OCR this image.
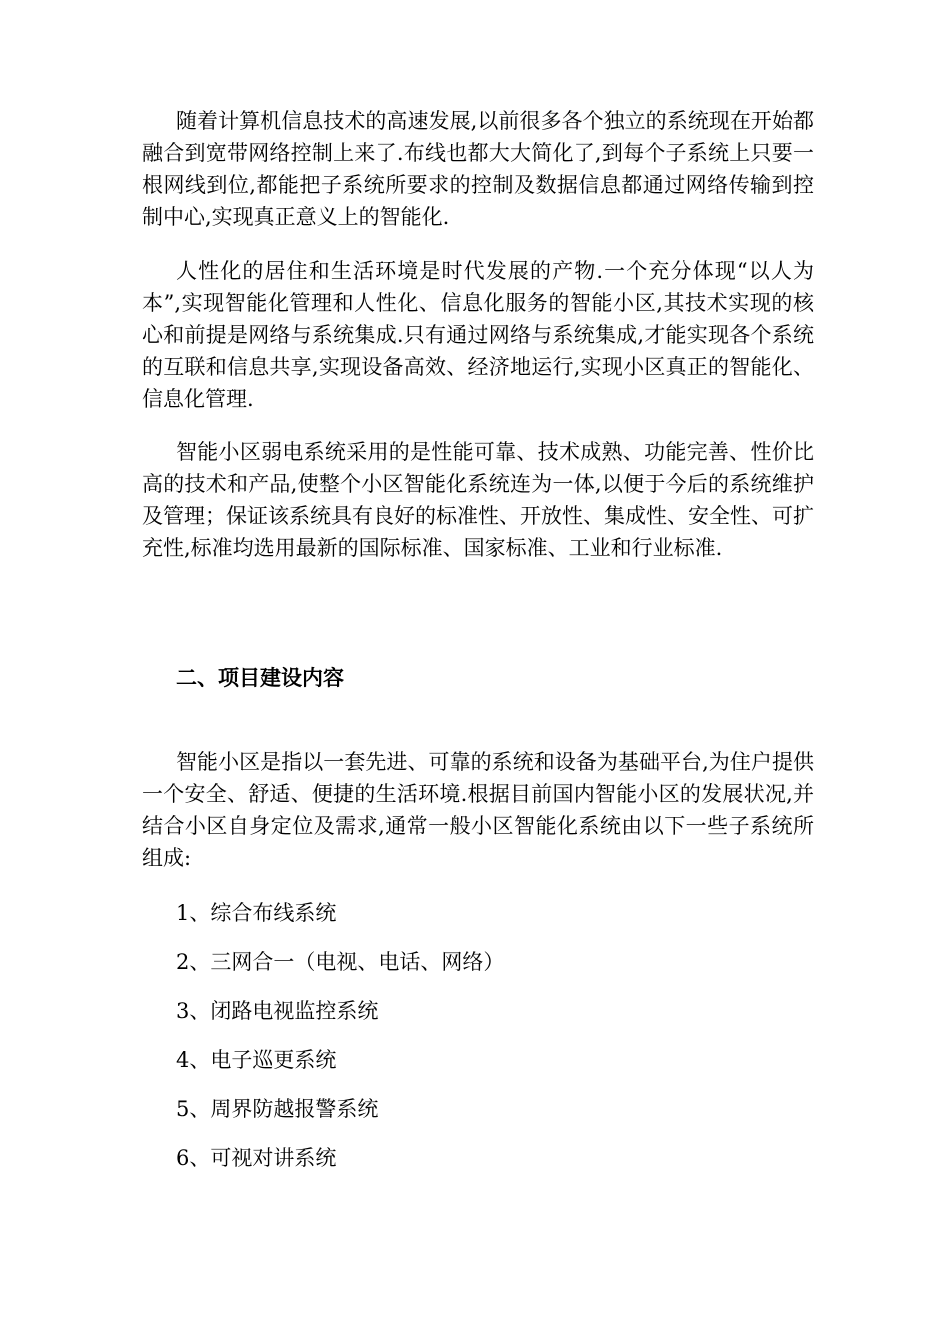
随着计算机信息技术的高速发展,以前很多各个独立的系统现在开始都融合到宽带网络控制上来了.布线也都大大简化了,到每个子系统上只要一根网线到位,都能把子系统所要求的控制及数据信息都通过网络传输到控制中心,实现真正意义上的智能化.

人性化的居住和生活环境是时代发展的产物.一个充分体现“以人为本”,实现智能化管理和人性化、信息化服务的智能小区,其技术实现的核心和前提是网络与系统集成.只有通过网络与系统集成,才能实现各个系统的互联和信息共享,实现设备高效、经济地运行,实现小区真正的智能化、信息化管理.

智能小区弱电系统采用的是性能可靠、技术成熟、功能完善、性价比高的技术和产品,使整个小区智能化系统连为一体,以便于今后的系统维护及管理；保证该系统具有良好的标准性、开放性、集成性、安全性、可扩充性,标准均选用最新的国际标准、国家标准、工业和行业标准.

二、项目建设内容

智能小区是指以一套先进、可靠的系统和设备为基础平台,为住户提供一个安全、舒适、便捷的生活环境.根据目前国内智能小区的发展状况,并结合小区自身定位及需求,通常一般小区智能化系统由以下一些子系统所组成:

1、综合布线系统
2、三网合一（电视、电话、网络）
3、闭路电视监控系统
4、电子巡更系统
5、周界防越报警系统
6、可视对讲系统
